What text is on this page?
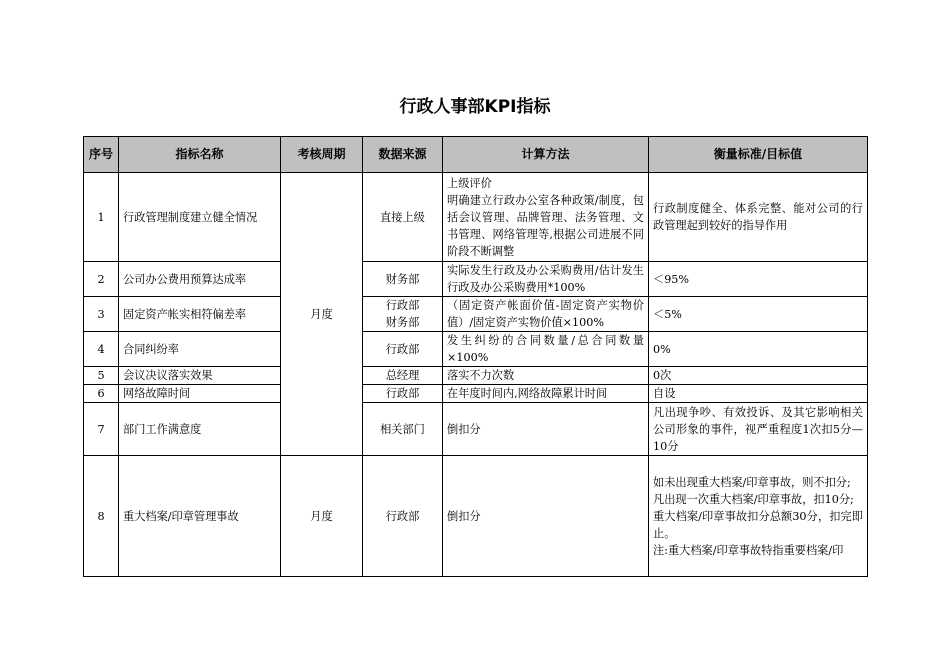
行政人事部KPI指标
序号	指标名称	考核周期	数据来源	计算方法	衡量标准/目标值
1	行政管理制度建立健全情况	月度	直接上级	上级评价
明确建立行政办公室各种政策/制度，包括会议管理、品牌管理、法务管理、文书管理、网络管理等,根据公司进展不同阶段不断调整	行政制度健全、体系完整、能对公司的行政管理起到较好的指导作用
2	公司办公费用预算达成率		财务部	实际发生行政及办公采购费用/估计发生行政及办公采购费用*100%	＜95%
3	固定资产帐实相符偏差率		行政部
财务部	（固定资产帐面价值-固定资产实物价值）/固定资产实物价值×100%	＜5%
4	合同纠纷率		行政部	发生纠纷的合同数量/总合同数量×100%	0%
5	会议决议落实效果		总经理	落实不力次数	0次
6	网络故障时间		行政部	在年度时间内,网络故障累计时间	自设
7	部门工作满意度		相关部门	倒扣分	凡出现争吵、有效投诉、及其它影响相关公司形象的事件，视严重程度1次扣5分—10分
8	重大档案/印章管理事故	月度	行政部	倒扣分	如未出现重大档案/印章事故，则不扣分;
凡出现一次重大档案/印章事故，扣10分;
重大档案/印章事故扣分总额30分，扣完即止。
注:重大档案/印章事故特指重要档案/印
